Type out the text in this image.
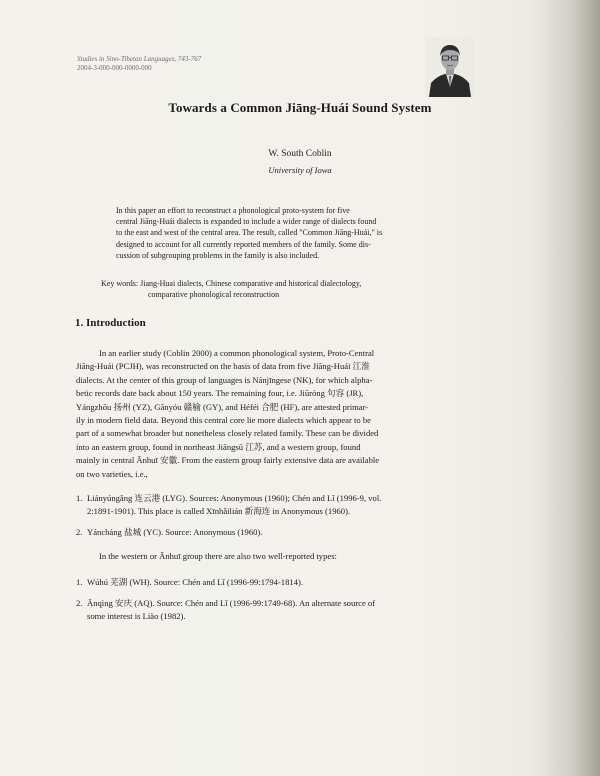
Studies in Sino-Tibetan Languages, 743-767
2004-3-000-000-0000-000
Towards a Common Jiāng-Huái Sound System
W. South Coblin
University of Iowa
In this paper an effort to reconstruct a phonological proto-system for five
central Jiāng-Huái dialects is expanded to include a wider range of dialects found
to the east and west of the central area. The result, called "Common Jiāng-Huái," is
designed to account for all currently reported members of the family. Some dis-
cussion of subgrouping problems in the family is also included.
Key words: Jiang-Huai dialects, Chinese comparative and historical dialectology,
comparative phonological reconstruction
1. Introduction
In an earlier study (Coblin 2000) a common phonological system, Proto-Central
Jiāng-Huái (PCJH), was reconstructed on the basis of data from five Jiāng-Huái 江淮
dialects. At the center of this group of languages is Nánjīngese (NK), for which alpha-
betic records date back about 150 years. The remaining four, i.e. Jiūróng 句容 (JR),
Yángzhōu 扬州 (YZ), Gānyóu 赣榆 (GY), and Héféi 合肥 (HF), are attested primar-
ily in modern field data. Beyond this central core lie more dialects which appear to be
part of a somewhat broader but nonetheless closely related family. These can be divided
into an eastern group, found in northeast Jiāngsū 江苏, and a western group, found
mainly in central Ānhuī 安徽. From the eastern group fairly extensive data are available
on two varieties, i.e.,
1. Liányúngǎng 连云港 (LYG). Sources: Anonymous (1960); Chén and Lǐ (1996-9, vol.
2:1891-1901). This place is called Xīnhǎilián 新海连 in Anonymous (1960).
2. Yáncháng 盐城 (YC). Source: Anonymous (1960).
In the western or Ānhuī group there are also two well-reported types:
1. Wúhú 芜湖 (WH). Source: Chén and Lǐ (1996-99:1794-1814).
2. Ānqìng 安庆 (AQ). Source: Chén and Lǐ (1996-99:1749-68). An alternate source of
some interest is Liào (1982).
